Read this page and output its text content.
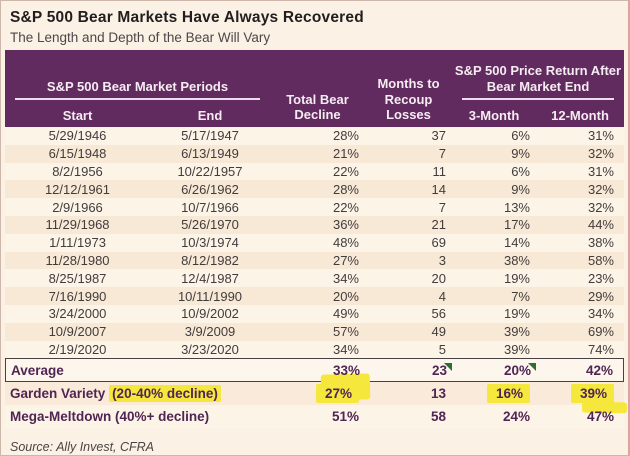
S&P 500 Bear Markets Have Always Recovered
The Length and Depth of the Bear Will Vary
S&P 500 Bear Market Periods
Start	End
Total Bear Decline
Months to Recoup Losses
S&P 500 Price Return After Bear Market End
3-Month	12-Month
5/29/1946	5/17/1947	28%	37	6%	31%
6/15/1948	6/13/1949	21%	7	9%	32%
8/2/1956	10/22/1957	22%	11	6%	31%
12/12/1961	6/26/1962	28%	14	9%	32%
2/9/1966	10/7/1966	22%	7	13%	32%
11/29/1968	5/26/1970	36%	21	17%	44%
1/11/1973	10/3/1974	48%	69	14%	38%
11/28/1980	8/12/1982	27%	3	38%	58%
8/25/1987	12/4/1987	34%	20	19%	23%
7/16/1990	10/11/1990	20%	4	7%	29%
3/24/2000	10/9/2002	49%	56	19%	34%
10/9/2007	3/9/2009	57%	49	39%	69%
2/19/2020	3/23/2020	34%	5	39%	74%
Average	33%	23	20%	42%
Garden Variety (20-40% decline)	27%	13	16%	39%
Mega-Meltdown (40%+ decline)	51%	58	24%	47%
Source: Ally Invest, CFRA
